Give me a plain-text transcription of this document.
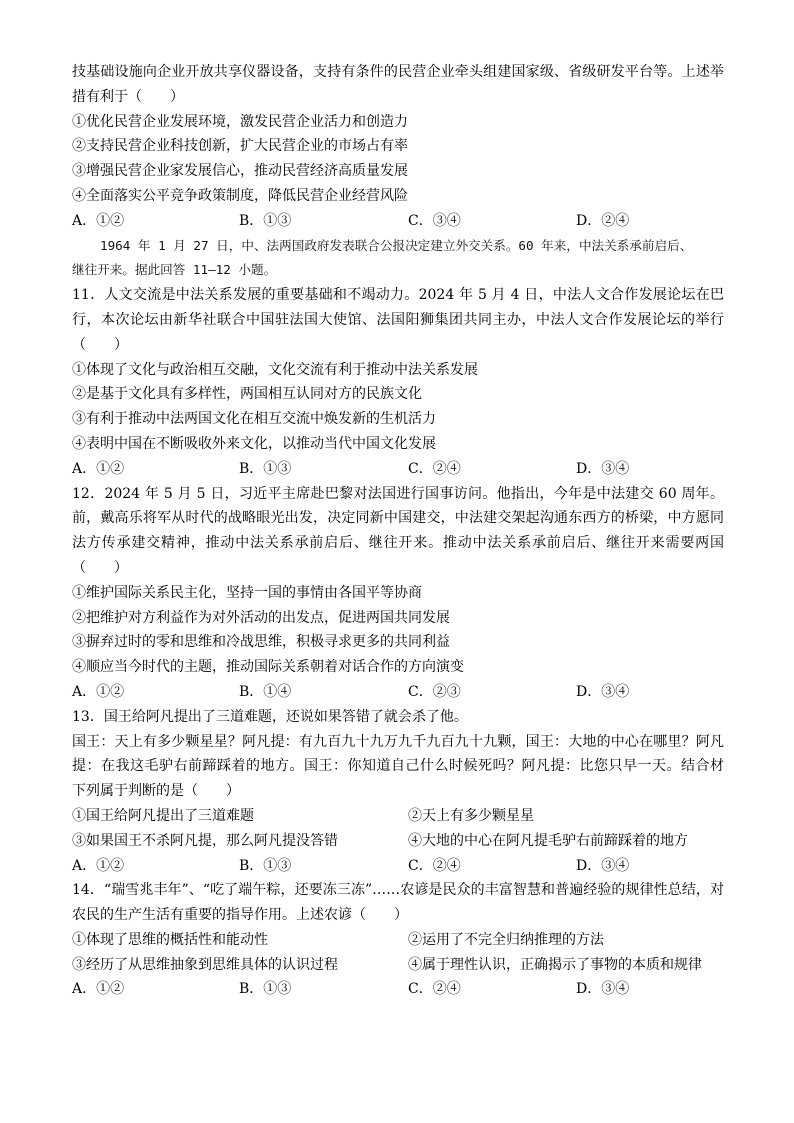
技基础设施向企业开放共享仪器设备，支持有条件的民营企业牵头组建国家级、省级研发平台等。上述举
措有利于（　　）
①优化民营企业发展环境，激发民营企业活力和创造力
②支持民营企业科技创新，扩大民营企业的市场占有率
③增强民营企业家发展信心，推动民营经济高质量发展
④全面落实公平竞争政策制度，降低民营企业经营风险
A．①②	B．①③	C．③④	D．②④
1964 年 1 月 27 日，中、法两国政府发表联合公报决定建立外交关系。60 年来，中法关系承前启后、
继往开来。据此回答 11—12 小题。
11．人文交流是中法关系发展的重要基础和不竭动力。2024 年 5 月 4 日，中法人文合作发展论坛在巴
行，本次论坛由新华社联合中国驻法国大使馆、法国阳狮集团共同主办，中法人文合作发展论坛的举行
（　　）
①体现了文化与政治相互交融，文化交流有利于推动中法关系发展
②是基于文化具有多样性，两国相互认同对方的民族文化
③有利于推动中法两国文化在相互交流中焕发新的生机活力
④表明中国在不断吸收外来文化，以推动当代中国文化发展
A．①②	B．①③	C．②④	D．③④
12．2024 年 5 月 5 日，习近平主席赴巴黎对法国进行国事访问。他指出，今年是中法建交 60 周年。
前，戴高乐将军从时代的战略眼光出发，决定同新中国建交，中法建交架起沟通东西方的桥梁，中方愿同
法方传承建交精神，推动中法关系承前启后、继往开来。推动中法关系承前启后、继往开来需要两国
（　　）
①维护国际关系民主化，坚持一国的事情由各国平等协商
②把维护对方利益作为对外活动的出发点，促进两国共同发展
③摒弃过时的零和思维和冷战思维，积极寻求更多的共同利益
④顺应当今时代的主题，推动国际关系朝着对话合作的方向演变
A．①②	B．①④	C．②③	D．③④
13．国王给阿凡提出了三道难题，还说如果答错了就会杀了他。
国王：天上有多少颗星星？阿凡提：有九百九十九万九千九百九十九颗，国王：大地的中心在哪里？阿凡
提：在我这毛驴右前蹄踩着的地方。国王：你知道自己什么时候死吗？阿凡提：比您只早一天。结合材
下列属于判断的是（　　）
①国王给阿凡提出了三道难题	②天上有多少颗星星
③如果国王不杀阿凡提，那么阿凡提没答错	④大地的中心在阿凡提毛驴右前蹄踩着的地方
A．①②	B．①③	C．②④	D．③④
14．“瑞雪兆丰年”、“吃了端午粽，还要冻三冻”……农谚是民众的丰富智慧和普遍经验的规律性总结，对
农民的生产生活有重要的指导作用。上述农谚（　　）
①体现了思维的概括性和能动性	②运用了不完全归纳推理的方法
③经历了从思维抽象到思维具体的认识过程	④属于理性认识，正确揭示了事物的本质和规律
A．①②	B．①③	C．②④	D．③④
